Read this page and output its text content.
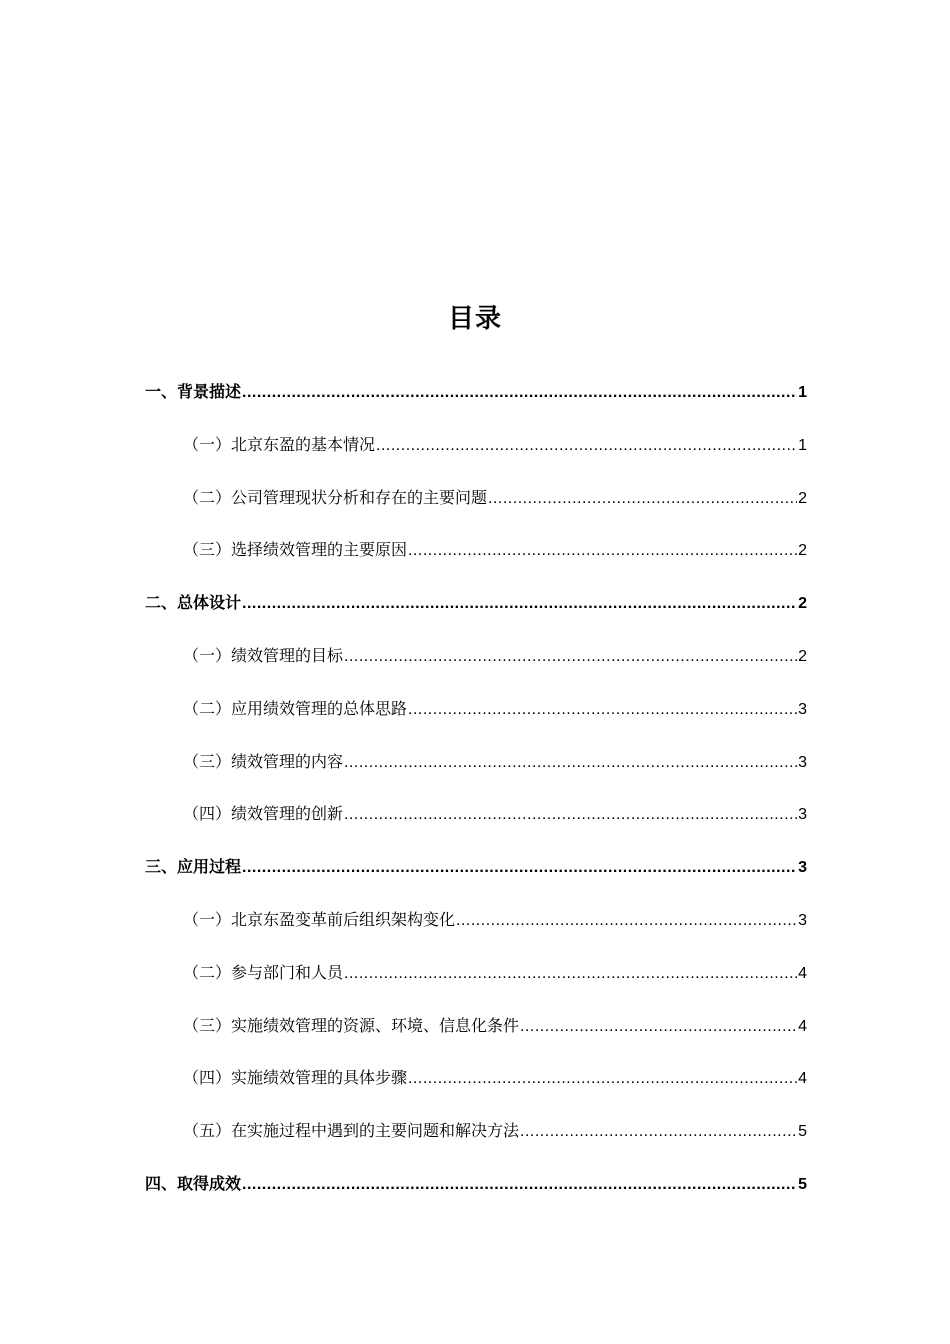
目录
一、背景描述 .....	1
（一）北京东盈的基本情况 .....	1
（二）公司管理现状分析和存在的主要问题 .....	2
（三）选择绩效管理的主要原因 .....	2
二、总体设计 .....	2
（一）绩效管理的目标 .....	2
（二）应用绩效管理的总体思路 .....	3
（三）绩效管理的内容 .....	3
（四）绩效管理的创新 .....	3
三、应用过程 .....	3
（一）北京东盈变革前后组织架构变化 .....	3
（二）参与部门和人员 .....	4
（三）实施绩效管理的资源、环境、信息化条件 .....	4
（四）实施绩效管理的具体步骤 .....	4
（五）在实施过程中遇到的主要问题和解决方法 .....	5
四、取得成效 .....	5
